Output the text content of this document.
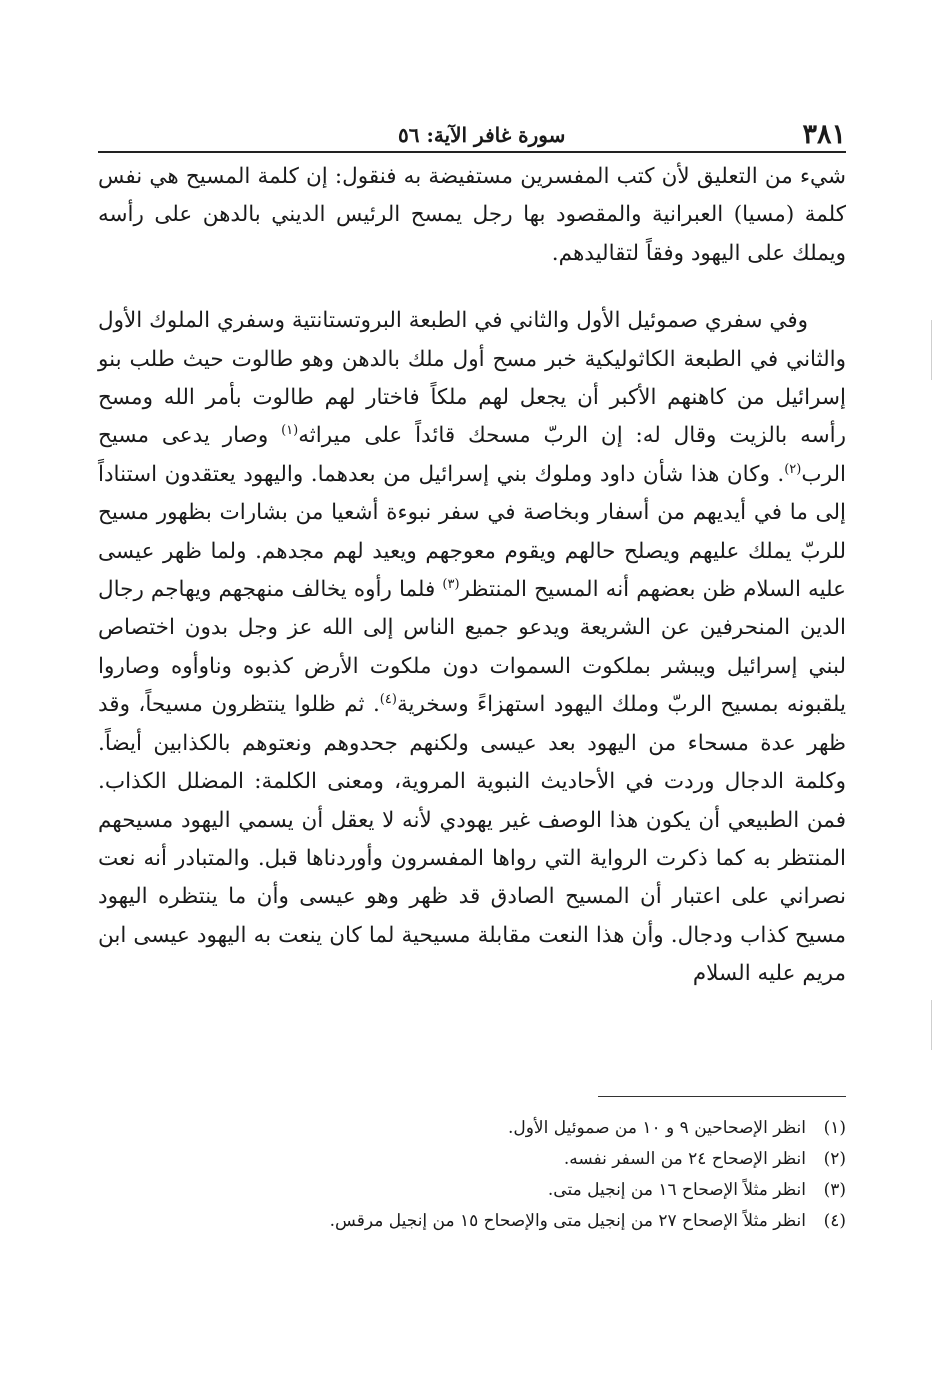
٣٨١
سورة غافر الآية: ٥٦

شيء من التعليق لأن كتب المفسرين مستفيضة به فنقول: إن كلمة المسيح هي نفس كلمة (مسيا) العبرانية والمقصود بها رجل يمسح الرئيس الديني بالدهن على رأسه ويملك على اليهود وفقاً لتقاليدهم.

وفي سفري صموئيل الأول والثاني في الطبعة البروتستانتية وسفري الملوك الأول والثاني في الطبعة الكاثوليكية خبر مسح أول ملك بالدهن وهو طالوت حيث طلب بنو إسرائيل من كاهنهم الأكبر أن يجعل لهم ملكاً فاختار لهم طالوت بأمر الله ومسح رأسه بالزيت وقال له: إن الربّ مسحك قائداً على ميراثه$^{(١)}$ وصار يدعى مسيح الرب$^{(٢)}$. وكان هذا شأن داود وملوك بني إسرائيل من بعدهما. واليهود يعتقدون استناداً إلى ما في أيديهم من أسفار وبخاصة في سفر نبوءة أشعيا من بشارات بظهور مسيح للربّ يملك عليهم ويصلح حالهم ويقوم معوجهم ويعيد لهم مجدهم. ولما ظهر عيسى عليه السلام ظن بعضهم أنه المسيح المنتظر$^{(٣)}$ فلما رأوه يخالف منهجهم ويهاجم رجال الدين المنحرفين عن الشريعة ويدعو جميع الناس إلى الله عز وجل بدون اختصاص لبني إسرائيل ويبشر بملكوت السموات دون ملكوت الأرض كذبوه وناوأوه وصاروا يلقبونه بمسيح الربّ وملك اليهود استهزاءً وسخرية$^{(٤)}$. ثم ظلوا ينتظرون مسيحاً، وقد ظهر عدة مسحاء من اليهود بعد عيسى ولكنهم جحدوهم ونعتوهم بالكذابين أيضاً. وكلمة الدجال وردت في الأحاديث النبوية المروية، ومعنى الكلمة: المضلل الكذاب. فمن الطبيعي أن يكون هذا الوصف غير يهودي لأنه لا يعقل أن يسمي اليهود مسيحهم المنتظر به كما ذكرت الرواية التي رواها المفسرون وأوردناها قبل. والمتبادر أنه نعت نصراني على اعتبار أن المسيح الصادق قد ظهر وهو عيسى وأن ما ينتظره اليهود مسيح كذاب ودجال. وأن هذا النعت مقابلة مسيحية لما كان ينعت به اليهود عيسى ابن مريم عليه السلام

(١)انظر الإصحاحين ٩ و ١٠ من صموئيل الأول.
(٢)انظر الإصحاح ٢٤ من السفر نفسه.
(٣)انظر مثلاً الإصحاح ١٦ من إنجيل متى.
(٤)انظر مثلاً الإصحاح ٢٧ من إنجيل متى والإصحاح ١٥ من إنجيل مرقس.
